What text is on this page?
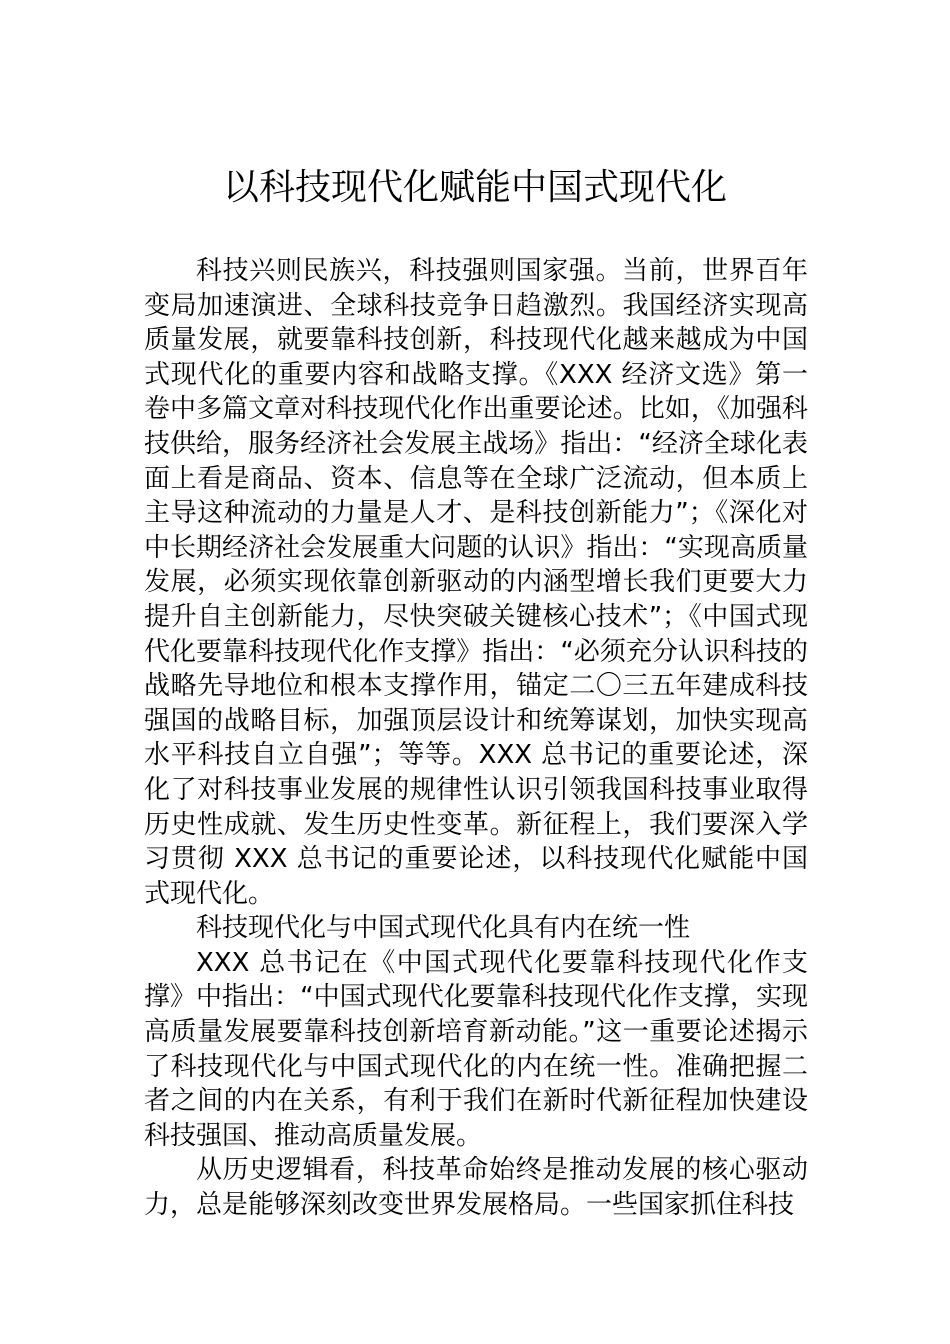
以科技现代化赋能中国式现代化

科技兴则民族兴，科技强则国家强。当前，世界百年变局加速演进、全球科技竞争日趋激烈。我国经济实现高质量发展，就要靠科技创新，科技现代化越来越成为中国式现代化的重要内容和战略支撑。《XXX 经济文选》第一卷中多篇文章对科技现代化作出重要论述。比如，《加强科技供给，服务经济社会发展主战场》指出：“经济全球化表面上看是商品、资本、信息等在全球广泛流动，但本质上主导这种流动的力量是人才、是科技创新能力”；《深化对中长期经济社会发展重大问题的认识》指出：“实现高质量发展，必须实现依靠创新驱动的内涵型增长我们更要大力提升自主创新能力，尽快突破关键核心技术”；《中国式现代化要靠科技现代化作支撑》指出：“必须充分认识科技的战略先导地位和根本支撑作用，锚定二〇三五年建成科技强国的战略目标，加强顶层设计和统筹谋划，加快实现高水平科技自立自强”；等等。XXX 总书记的重要论述，深化了对科技事业发展的规律性认识引领我国科技事业取得历史性成就、发生历史性变革。新征程上，我们要深入学习贯彻 XXX 总书记的重要论述，以科技现代化赋能中国式现代化。

科技现代化与中国式现代化具有内在统一性

XXX 总书记在《中国式现代化要靠科技现代化作支撑》中指出：“中国式现代化要靠科技现代化作支撑，实现高质量发展要靠科技创新培育新动能。”这一重要论述揭示了科技现代化与中国式现代化的内在统一性。准确把握二者之间的内在关系，有利于我们在新时代新征程加快建设科技强国、推动高质量发展。

从历史逻辑看，科技革命始终是推动发展的核心驱动力，总是能够深刻改变世界发展格局。一些国家抓住科技
